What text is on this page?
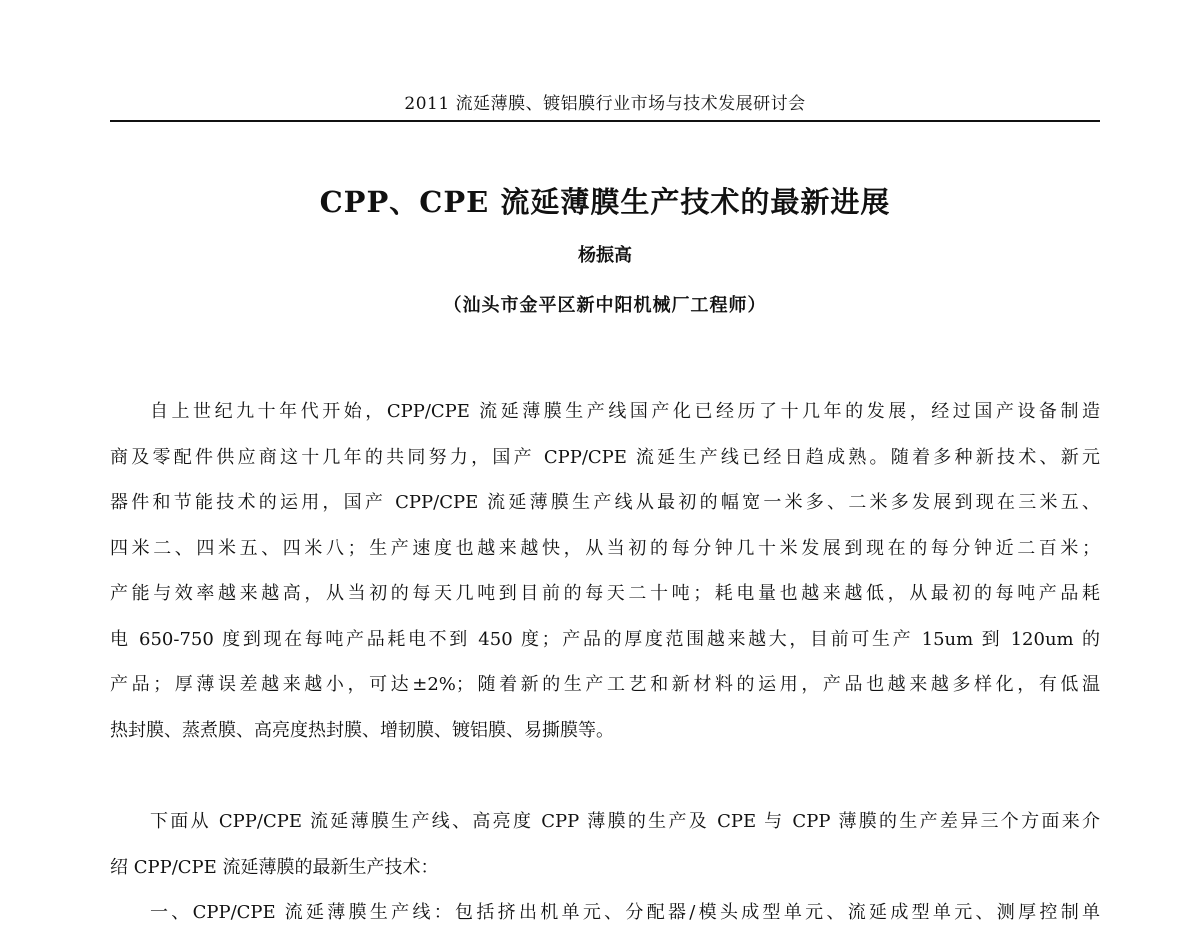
2011 流延薄膜、镀铝膜行业市场与技术发展研讨会
CPP、CPE 流延薄膜生产技术的最新进展
杨振高
（汕头市金平区新中阳机械厂工程师）
自上世纪九十年代开始，CPP/CPE 流延薄膜生产线国产化已经历了十几年的发展，经过国产设备制造
商及零配件供应商这十几年的共同努力，国产 CPP/CPE 流延生产线已经日趋成熟。随着多种新技术、新元
器件和节能技术的运用，国产 CPP/CPE 流延薄膜生产线从最初的幅宽一米多、二米多发展到现在三米五、
四米二、四米五、四米八；生产速度也越来越快，从当初的每分钟几十米发展到现在的每分钟近二百米；
产能与效率越来越高，从当初的每天几吨到目前的每天二十吨；耗电量也越来越低，从最初的每吨产品耗
电 650-750 度到现在每吨产品耗电不到 450 度；产品的厚度范围越来越大，目前可生产 15um 到 120um 的
产品；厚薄误差越来越小，可达±2%；随着新的生产工艺和新材料的运用，产品也越来越多样化，有低温
热封膜、蒸煮膜、高亮度热封膜、增韧膜、镀铝膜、易撕膜等。
下面从 CPP/CPE 流延薄膜生产线、高亮度 CPP 薄膜的生产及 CPE 与 CPP 薄膜的生产差异三个方面来介
绍 CPP/CPE 流延薄膜的最新生产技术：
一、CPP/CPE 流延薄膜生产线：包括挤出机单元、分配器/模头成型单元、流延成型单元、测厚控制单
